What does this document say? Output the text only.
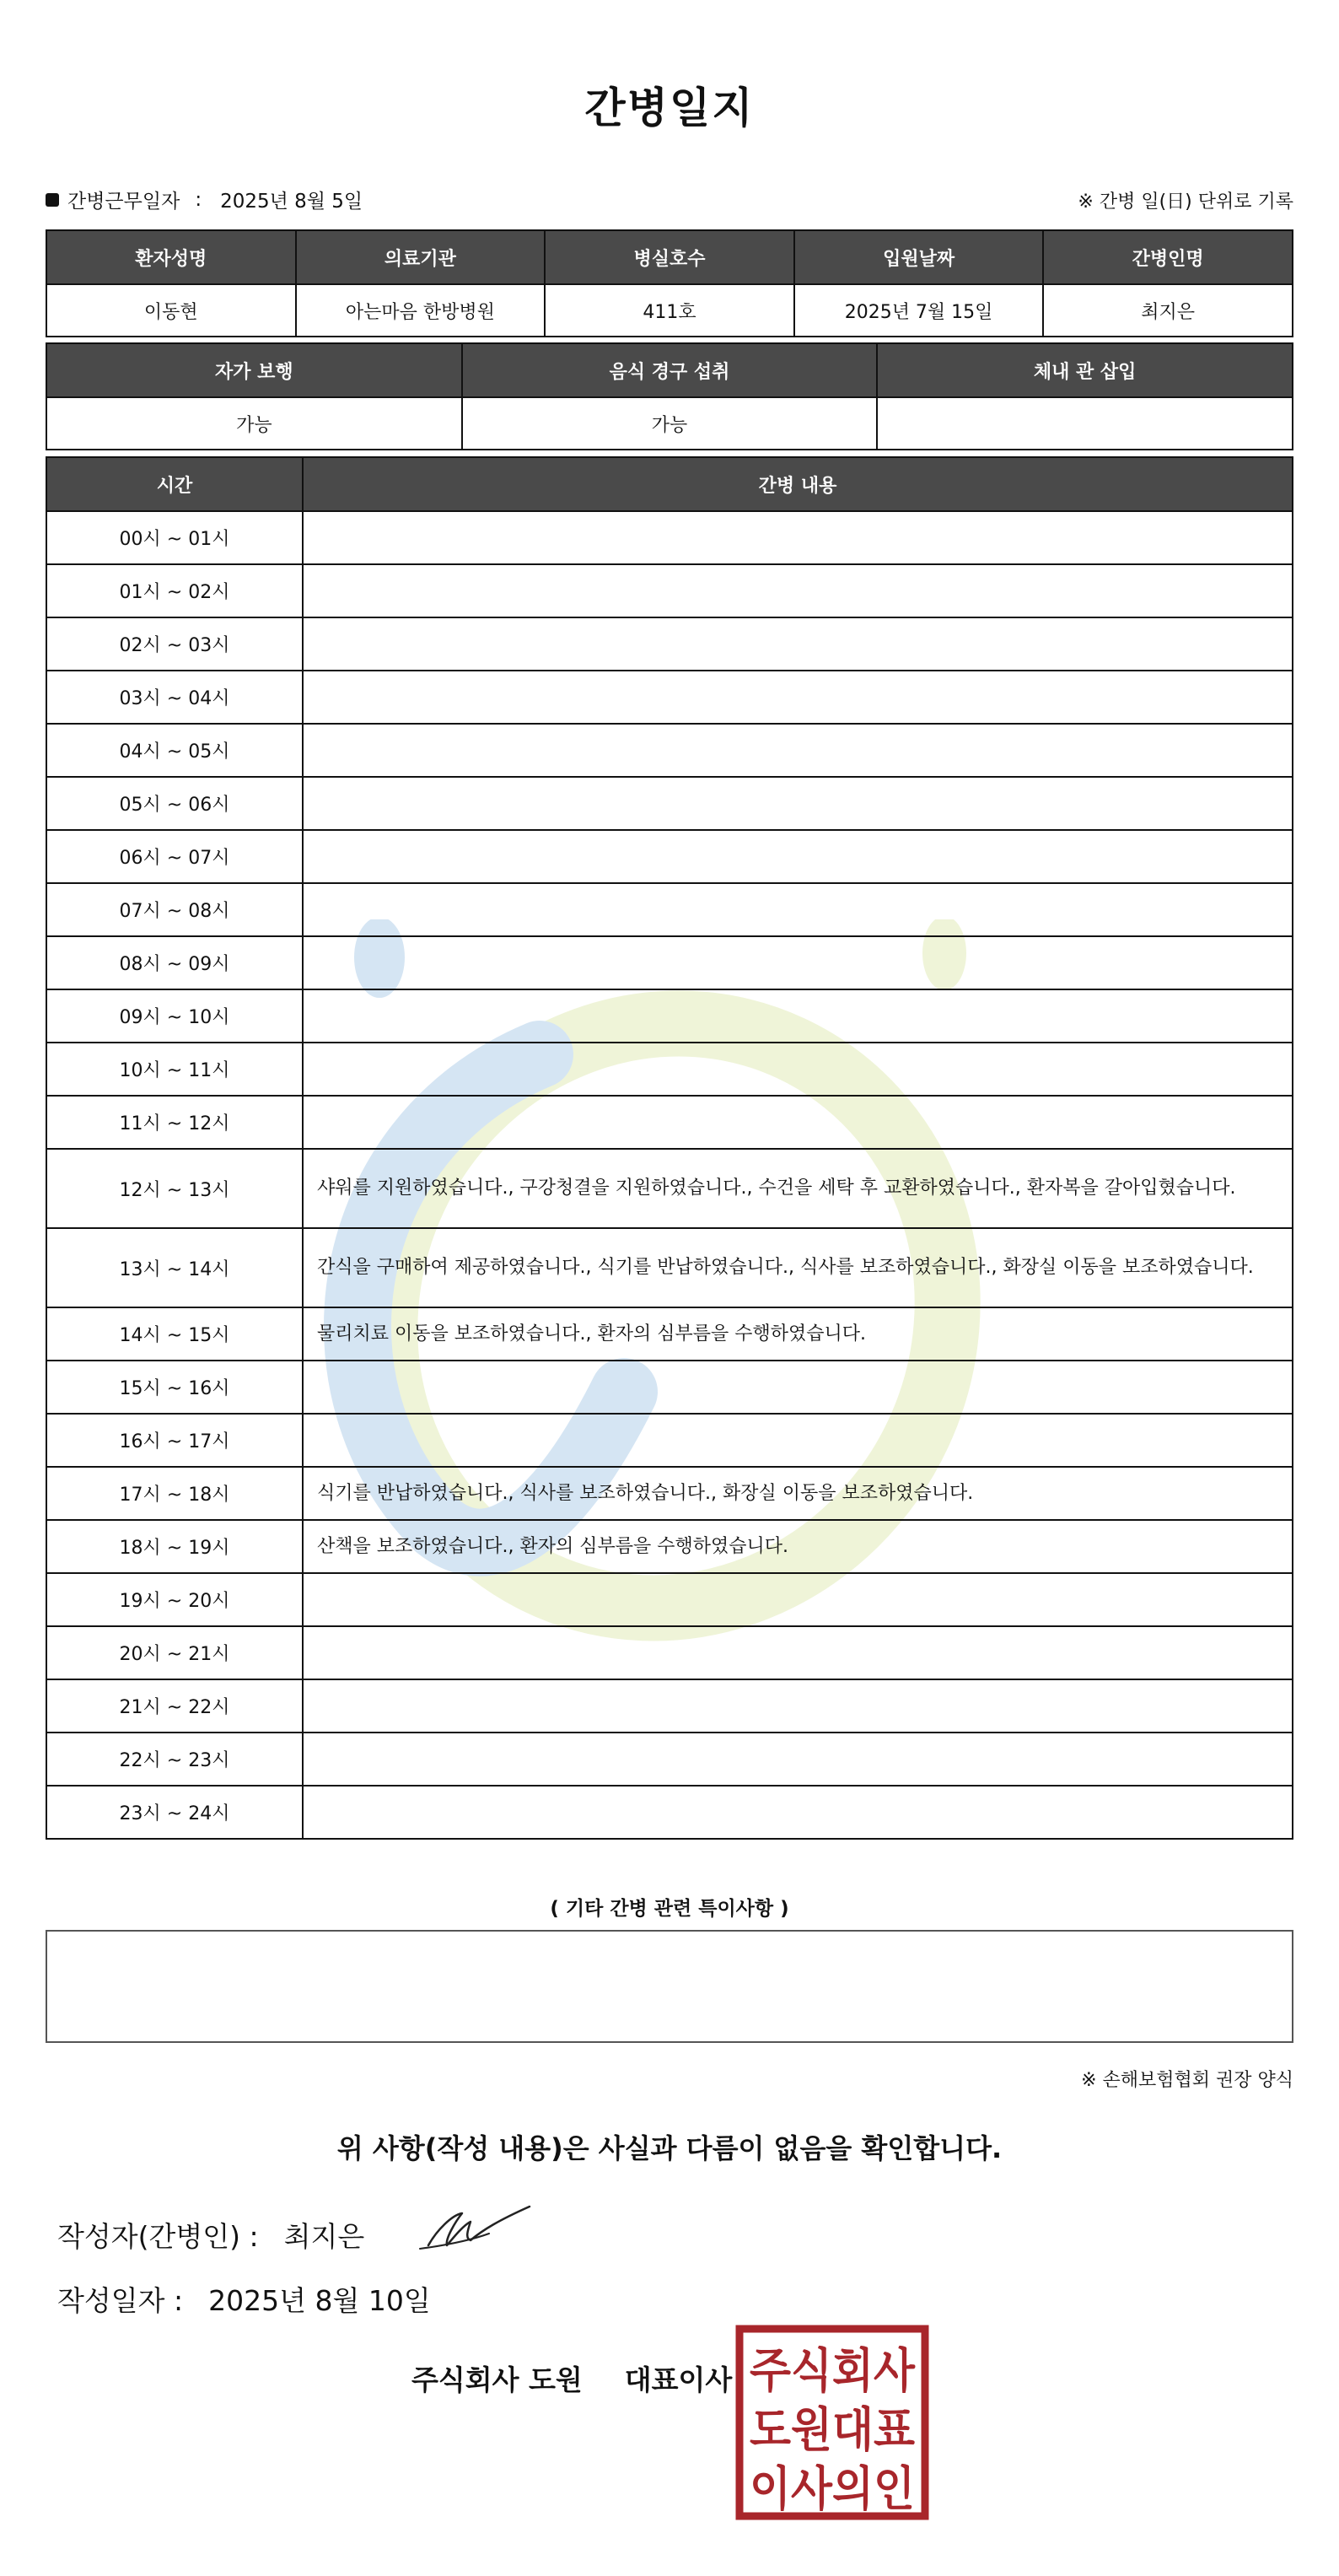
간병일지
간병근무일자 : 2025년 8월 5일	※ 간병 일(日) 단위로 기록
환자성명	의료기관	병실호수	입원날짜	간병인명
이동현	아는마음 한방병원	411호	2025년 7월 15일	최지은
자가 보행	음식 경구 섭취	체내 관 삽입
가능	가능	
시간	간병 내용
00시 ~ 01시	
01시 ~ 02시	
02시 ~ 03시	
03시 ~ 04시	
04시 ~ 05시	
05시 ~ 06시	
06시 ~ 07시	
07시 ~ 08시	
08시 ~ 09시	
09시 ~ 10시	
10시 ~ 11시	
11시 ~ 12시	
12시 ~ 13시	샤워를 지원하였습니다., 구강청결을 지원하였습니다., 수건을 세탁 후 교환하였습니다., 환자복을 갈아입혔습니다.
13시 ~ 14시	간식을 구매하여 제공하였습니다., 식기를 반납하였습니다., 식사를 보조하였습니다., 화장실 이동을 보조하였습니다.
14시 ~ 15시	물리치료 이동을 보조하였습니다., 환자의 심부름을 수행하였습니다.
15시 ~ 16시	
16시 ~ 17시	
17시 ~ 18시	식기를 반납하였습니다., 식사를 보조하였습니다., 화장실 이동을 보조하였습니다.
18시 ~ 19시	산책을 보조하였습니다., 환자의 심부름을 수행하였습니다.
19시 ~ 20시	
20시 ~ 21시	
21시 ~ 22시	
22시 ~ 23시	
23시 ~ 24시	
( 기타 간병 관련 특이사항 )
※ 손해보험협회 권장 양식
위 사항(작성 내용)은 사실과 다름이 없음을 확인합니다.
작성자(간병인) : 최지은
작성일자 : 2025년 8월 10일
주식회사 도원 대표이사 주식회사
도원대표
이사의인
